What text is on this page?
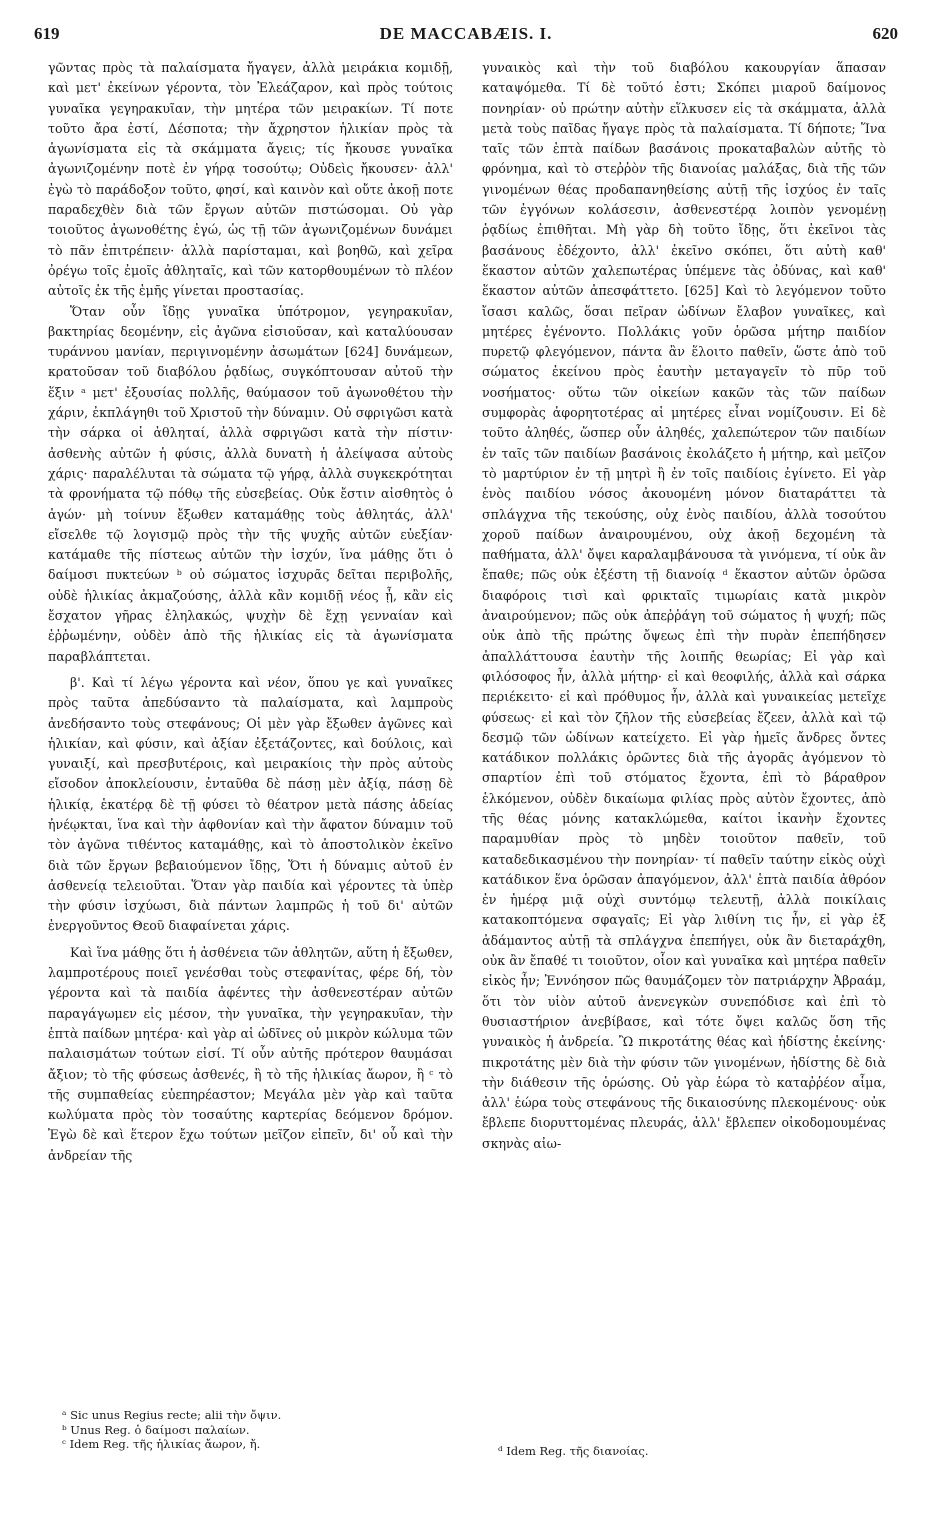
619	DE MACCABÆIS. I.	620

γῶντας πρὸς τὰ παλαίσματα ἤγαγεν, ἀλλὰ μειράκια κομιδῇ, καὶ μετ' ἐκείνων γέροντα, τὸν Ἐλεάζαρον, καὶ πρὸς τούτοις γυναῖκα γεγηρακυῖαν, τὴν μητέρα τῶν μειρακίων. Τί ποτε τοῦτο ἄρα ἐστί, Δέσποτα; τὴν ἄχρηστον ἡλικίαν πρὸς τὰ ἀγωνίσματα εἰς τὰ σκάμματα ἄγεις; τίς ἤκουσε γυναῖκα ἀγωνιζομένην ποτὲ ἐν γήρᾳ τοσούτῳ; Οὐδεὶς ἤκουσεν· ἀλλ' ἐγὼ τὸ παράδοξον τοῦτο, φησί, καὶ καινὸν καὶ οὔτε ἀκοῇ ποτε παραδεχθὲν διὰ τῶν ἔργων αὐτῶν πιστώσομαι. Οὐ γὰρ τοιοῦτος ἀγωνοθέτης ἐγώ, ὡς τῇ τῶν ἀγωνιζομένων δυνάμει τὸ πᾶν ἐπιτρέπειν· ἀλλὰ παρίσταμαι, καὶ βοηθῶ, καὶ χεῖρα ὀρέγω τοῖς ἐμοῖς ἀθληταῖς, καὶ τῶν κατορθουμένων τὸ πλέον αὐτοῖς ἐκ τῆς ἐμῆς γίνεται προστασίας.

Ὅταν οὖν ἴδῃς γυναῖκα ὑπότρομον, γεγηρακυῖαν, βακτηρίας δεομένην, εἰς ἀγῶνα εἰσιοῦσαν, καὶ καταλύουσαν τυράννου μανίαν, περιγινομένην ἀσωμάτων [624] δυνάμεων, κρατοῦσαν τοῦ διαβόλου ῥᾳδίως, συγκόπτουσαν αὐτοῦ τὴν ἕξιν ᵃ μετ' ἐξουσίας πολλῆς, θαύμασον τοῦ ἀγωνοθέτου τὴν χάριν, ἐκπλάγηθι τοῦ Χριστοῦ τὴν δύναμιν. Οὐ σφριγῶσι κατὰ τὴν σάρκα οἱ ἀθληταί, ἀλλὰ σφριγῶσι κατὰ τὴν πίστιν· ἀσθενὴς αὐτῶν ἡ φύσις, ἀλλὰ δυνατὴ ἡ ἀλείψασα αὐτοὺς χάρις· παραλέλυται τὰ σώματα τῷ γήρᾳ, ἀλλὰ συγκεκρότηται τὰ φρονήματα τῷ πόθῳ τῆς εὐσεβείας. Οὐκ ἔστιν αἰσθητὸς ὁ ἀγών· μὴ τοίνυν ἔξωθεν καταμάθῃς τοὺς ἀθλητάς, ἀλλ' εἴσελθε τῷ λογισμῷ πρὸς τὴν τῆς ψυχῆς αὐτῶν εὐεξίαν· κατάμαθε τῆς πίστεως αὐτῶν τὴν ἰσχύν, ἵνα μάθῃς ὅτι ὁ δαίμοσι πυκτεύων ᵇ οὐ σώματος ἰσχυρᾶς δεῖται περιβολῆς, οὐδὲ ἡλικίας ἀκμαζούσης, ἀλλὰ κἂν κομιδῇ νέος ᾖ, κἂν εἰς ἔσχατον γῆρας ἐληλακώς, ψυχὴν δὲ ἔχῃ γενναίαν καὶ ἐῤῥωμένην, οὐδὲν ἀπὸ τῆς ἡλικίας εἰς τὰ ἀγωνίσματα παραβλάπτεται.

β'. Καὶ τί λέγω γέροντα καὶ νέον, ὅπου γε καὶ γυναῖκες πρὸς ταῦτα ἀπεδύσαντο τὰ παλαίσματα, καὶ λαμπροὺς ἀνεδήσαντο τοὺς στεφάνους; Οἱ μὲν γὰρ ἔξωθεν ἀγῶνες καὶ ἡλικίαν, καὶ φύσιν, καὶ ἀξίαν ἐξετάζοντες, καὶ δούλοις, καὶ γυναιξί, καὶ πρεσβυτέροις, καὶ μειρακίοις τὴν πρὸς αὐτοὺς εἴσοδον ἀποκλείουσιν, ἐνταῦθα δὲ πάσῃ μὲν ἀξίᾳ, πάσῃ δὲ ἡλικίᾳ, ἑκατέρᾳ δὲ τῇ φύσει τὸ θέατρον μετὰ πάσης ἀδείας ἠνέῳκται, ἵνα καὶ τὴν ἀφθονίαν καὶ τὴν ἄφατον δύναμιν τοῦ τὸν ἀγῶνα τιθέντος καταμάθῃς, καὶ τὸ ἀποστολικὸν ἐκεῖνο διὰ τῶν ἔργων βεβαιούμενον ἴδῃς, Ὅτι ἡ δύναμις αὐτοῦ ἐν ἀσθενείᾳ τελειοῦται. Ὅταν γὰρ παιδία καὶ γέροντες τὰ ὑπὲρ τὴν φύσιν ἰσχύωσι, διὰ πάντων λαμπρῶς ἡ τοῦ δι' αὐτῶν ἐνεργοῦντος Θεοῦ διαφαίνεται χάρις.

Καὶ ἵνα μάθῃς ὅτι ἡ ἀσθένεια τῶν ἀθλητῶν, αὕτη ἡ ἔξωθεν, λαμπροτέρους ποιεῖ γενέσθαι τοὺς στεφανίτας, φέρε δή, τὸν γέροντα καὶ τὰ παιδία ἀφέντες τὴν ἀσθενεστέραν αὐτῶν παραγάγωμεν εἰς μέσον, τὴν γυναῖκα, τὴν γεγηρακυῖαν, τὴν ἑπτὰ παίδων μητέρα· καὶ γὰρ αἱ ὠδῖνες οὐ μικρὸν κώλυμα τῶν παλαισμάτων τούτων εἰσί. Τί οὖν αὐτῆς πρότερον θαυμάσαι ἄξιον; τὸ τῆς φύσεως ἀσθενές, ἢ τὸ τῆς ἡλικίας ἄωρον, ἢ ᶜ τὸ τῆς συμπαθείας εὐεπηρέαστον; Μεγάλα μὲν γὰρ καὶ ταῦτα κωλύματα πρὸς τὸν τοσαύτης καρτερίας δεόμενον δρόμον. Ἐγὼ δὲ καὶ ἕτερον ἔχω τούτων μεῖζον εἰπεῖν, δι' οὗ καὶ τὴν ἀνδρείαν τῆς

γυναικὸς καὶ τὴν τοῦ διαβόλου κακουργίαν ἅπασαν καταψόμεθα. Τί δὲ τοῦτό ἐστι; Σκόπει μιαροῦ δαίμονος πονηρίαν· οὐ πρώτην αὐτὴν εἵλκυσεν εἰς τὰ σκάμματα, ἀλλὰ μετὰ τοὺς παῖδας ἤγαγε πρὸς τὰ παλαίσματα. Τί δήποτε; Ἵνα ταῖς τῶν ἑπτὰ παίδων βασάνοις προκαταβαλὼν αὐτῆς τὸ φρόνημα, καὶ τὸ στεῤῥὸν τῆς διανοίας μαλάξας, διὰ τῆς τῶν γινομένων θέας προδαπανηθείσης αὐτῇ τῆς ἰσχύος ἐν ταῖς τῶν ἐγγόνων κολάσεσιν, ἀσθενεστέρᾳ λοιπὸν γενομένῃ ῥᾳδίως ἐπιθῆται. Μὴ γὰρ δὴ τοῦτο ἴδῃς, ὅτι ἐκεῖνοι τὰς βασάνους ἐδέχοντο, ἀλλ' ἐκεῖνο σκόπει, ὅτι αὐτὴ καθ' ἕκαστον αὐτῶν χαλεπωτέρας ὑπέμενε τὰς ὀδύνας, καὶ καθ' ἕκαστον αὐτῶν ἀπεσφάττετο. [625] Καὶ τὸ λεγόμενον τοῦτο ἴσασι καλῶς, ὅσαι πεῖραν ὠδίνων ἔλαβον γυναῖκες, καὶ μητέρες ἐγένοντο. Πολλάκις γοῦν ὁρῶσα μήτηρ παιδίον πυρετῷ φλεγόμενον, πάντα ἂν ἕλοιτο παθεῖν, ὥστε ἀπὸ τοῦ σώματος ἐκείνου πρὸς ἑαυτὴν μεταγαγεῖν τὸ πῦρ τοῦ νοσήματος· οὕτω τῶν οἰκείων κακῶν τὰς τῶν παίδων συμφορὰς ἀφορητοτέρας αἱ μητέρες εἶναι νομίζουσιν. Εἰ δὲ τοῦτο ἀληθές, ὥσπερ οὖν ἀληθές, χαλεπώτερον τῶν παιδίων ἐν ταῖς τῶν παιδίων βασάνοις ἐκολάζετο ἡ μήτηρ, καὶ μεῖζον τὸ μαρτύριον ἐν τῇ μητρὶ ἢ ἐν τοῖς παιδίοις ἐγίνετο. Εἰ γὰρ ἑνὸς παιδίου νόσος ἀκουομένη μόνον διαταράττει τὰ σπλάγχνα τῆς τεκούσης, οὐχ ἑνὸς παιδίου, ἀλλὰ τοσούτου χοροῦ παίδων ἀναιρουμένου, οὐχ ἀκοῇ δεχομένη τὰ παθήματα, ἀλλ' ὄψει καραλαμβάνουσα τὰ γινόμενα, τί οὐκ ἂν ἔπαθε; πῶς οὐκ ἐξέστη τῇ διανοίᾳ ᵈ ἕκαστον αὐτῶν ὁρῶσα διαφόροις τισὶ καὶ φρικταῖς τιμωρίαις κατὰ μικρὸν ἀναιρούμενον; πῶς οὐκ ἀπεῤῥάγη τοῦ σώματος ἡ ψυχή; πῶς οὐκ ἀπὸ τῆς πρώτης ὄψεως ἐπὶ τὴν πυρὰν ἐπεπήδησεν ἀπαλλάττουσα ἑαυτὴν τῆς λοιπῆς θεωρίας; Εἰ γὰρ καὶ φιλόσοφος ἦν, ἀλλὰ μήτηρ· εἰ καὶ θεοφιλής, ἀλλὰ καὶ σάρκα περιέκειτο· εἰ καὶ πρόθυμος ἦν, ἀλλὰ καὶ γυναικείας μετεῖχε φύσεως· εἰ καὶ τὸν ζῆλον τῆς εὐσεβείας ἔζεεν, ἀλλὰ καὶ τῷ δεσμῷ τῶν ὠδίνων κατείχετο. Εἰ γὰρ ἡμεῖς ἄνδρες ὄντες κατάδικον πολλάκις ὁρῶντες διὰ τῆς ἀγορᾶς ἀγόμενον τὸ σπαρτίον ἐπὶ τοῦ στόματος ἔχοντα, ἐπὶ τὸ βάραθρον ἑλκόμενον, οὐδὲν δικαίωμα φιλίας πρὸς αὐτὸν ἔχοντες, ἀπὸ τῆς θέας μόνης κατακλώμεθα, καίτοι ἱκανὴν ἔχοντες παραμυθίαν πρὸς τὸ μηδὲν τοιοῦτον παθεῖν, τοῦ καταδεδικασμένου τὴν πονηρίαν· τί παθεῖν ταύτην εἰκὸς οὐχὶ κατάδικον ἕνα ὁρῶσαν ἀπαγόμενον, ἀλλ' ἑπτὰ παιδία ἀθρόον ἐν ἡμέρᾳ μιᾷ οὐχὶ συντόμῳ τελευτῇ, ἀλλὰ ποικίλαις κατακοπτόμενα σφαγαῖς; Εἰ γὰρ λιθίνη τις ἦν, εἰ γὰρ ἐξ ἀδάμαντος αὐτῇ τὰ σπλάγχνα ἐπεπήγει, οὐκ ἂν διεταράχθη, οὐκ ἂν ἔπαθέ τι τοιοῦτον, οἷον καὶ γυναῖκα καὶ μητέρα παθεῖν εἰκὸς ἦν; Ἐννόησον πῶς θαυμάζομεν τὸν πατριάρχην Ἀβραάμ, ὅτι τὸν υἱὸν αὐτοῦ ἀνενεγκὼν συνεπόδισε καὶ ἐπὶ τὸ θυσιαστήριον ἀνεβίβασε, καὶ τότε ὄψει καλῶς ὅση τῆς γυναικὸς ἡ ἀνδρεία. Ὢ πικροτάτης θέας καὶ ἡδίστης ἐκείνης· πικροτάτης μὲν διὰ τὴν φύσιν τῶν γινομένων, ἡδίστης δὲ διὰ τὴν διάθεσιν τῆς ὁρώσης. Οὐ γὰρ ἑώρα τὸ καταῤῥέον αἷμα, ἀλλ' ἑώρα τοὺς στεφάνους τῆς δικαιοσύνης πλεκομένους· οὐκ ἔβλεπε διορυττομένας πλευράς, ἀλλ' ἔβλεπεν οἰκοδομουμένας σκηνὰς αἰω-

ᵃ Sic unus Regius recte; alii τὴν ὄψιν.
ᵇ Unus Reg. ὁ δαίμοσι παλαίων.
ᶜ Idem Reg. τῆς ἡλικίας ἄωρον, ἤ.	ᵈ Idem Reg. τῆς διανοίας.
